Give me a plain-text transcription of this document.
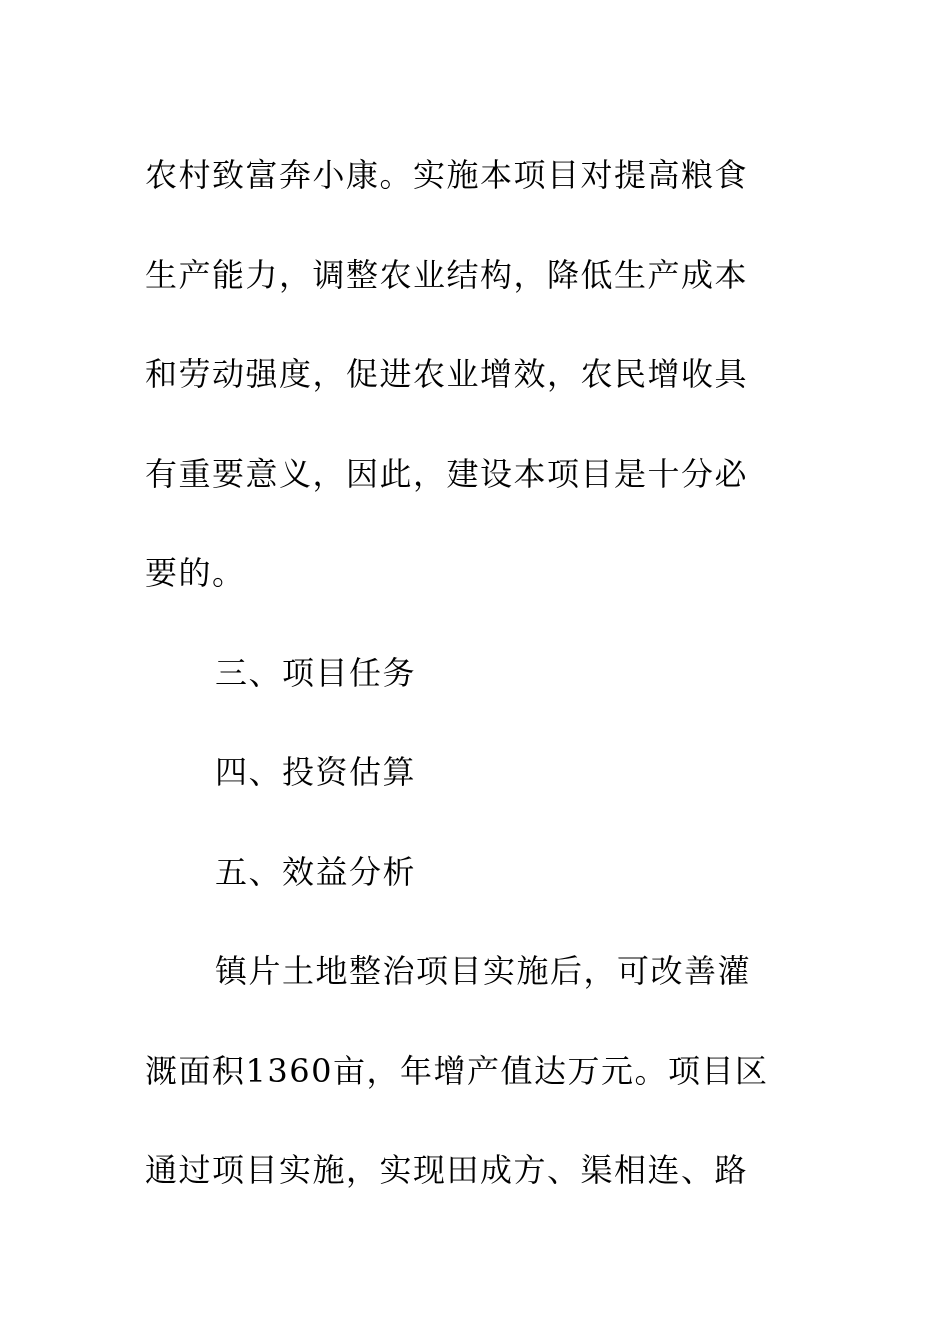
农村致富奔小康。实施本项目对提高粮食
生产能力，调整农业结构，降低生产成本
和劳动强度，促进农业增效，农民增收具
有重要意义，因此，建设本项目是十分必
要的。
三、项目任务
四、投资估算
五、效益分析
镇片土地整治项目实施后，可改善灌
溉面积1360亩，年增产值达万元。项目区
通过项目实施，实现田成方、渠相连、路
